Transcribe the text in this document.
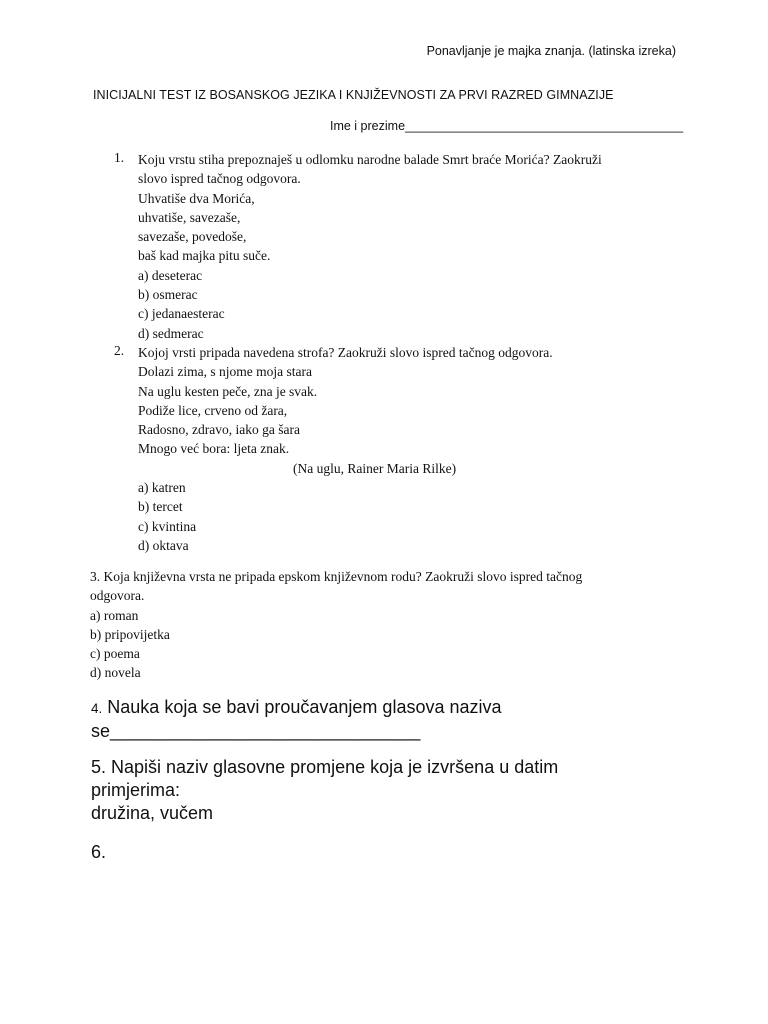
Ponavljanje je majka znanja. (latinska izreka)
INICIJALNI TEST IZ BOSANSKOG JEZIKA I KNJIŽEVNOSTI ZA PRVI RAZRED GIMNAZIJE
Ime i prezime________________________________________
1. Koju vrstu stiha prepoznaješ u odlomku narodne balade Smrt braće Morića? Zaokruži
slovo ispred tačnog odgovora.
Uhvatiše dva Morića,
uhvatiše, savezaše,
savezaše, povedoše,
baš kad majka pitu suče.
a) deseterac
b) osmerac
c) jedanaesterac
d) sedmerac
2. Kojoj vrsti pripada navedena strofa? Zaokruži slovo ispred tačnog odgovora.
Dolazi zima, s njome moja stara
Na uglu kesten peče, zna je svak.
Podiže lice, crveno od žara,
Radosno, zdravo, iako ga šara
Mnogo već bora: ljeta znak.
(Na uglu, Rainer Maria Rilke)
a) katren
b) tercet
c) kvintina
d) oktava
3. Koja književna vrsta ne pripada epskom književnom rodu? Zaokruži slovo ispred tačnog
odgovora.
a) roman
b) pripovijetka
c) poema
d) novela
4. Nauka koja se bavi proučavanjem glasova naziva
se_______________________________
5. Napiši naziv glasovne promjene koja je izvršena u datim
primjerima:
družina, vučem
6.
